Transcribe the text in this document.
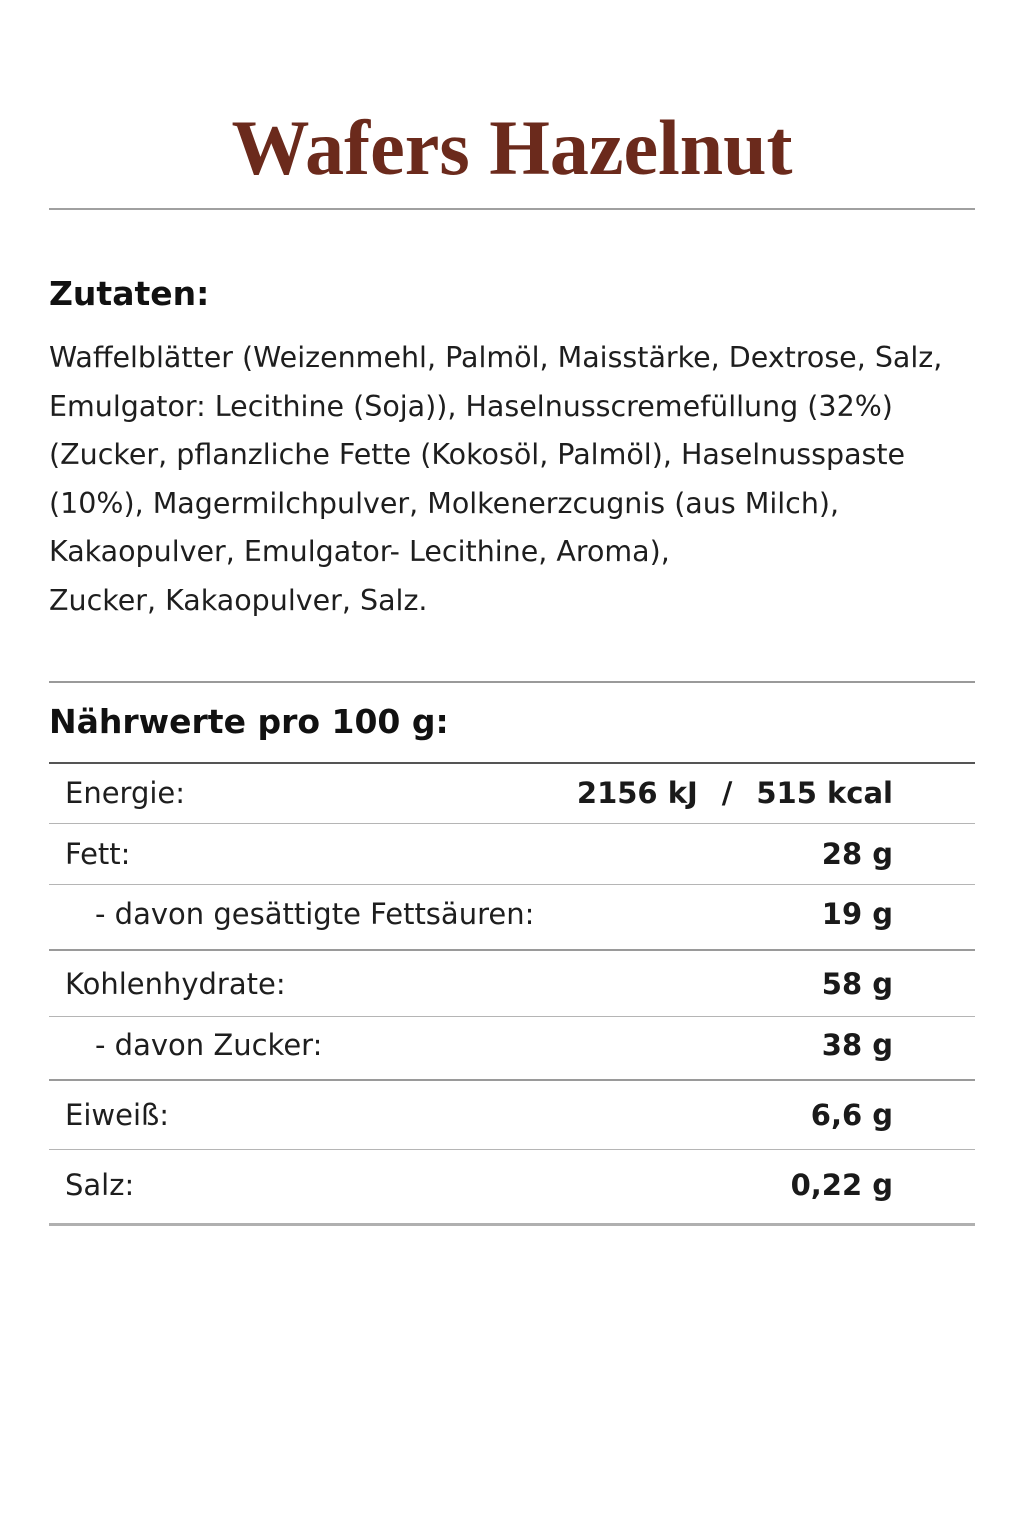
Wafers Hazelnut
Zutaten:
Waffelblätter (Weizenmehl, Palmöl, Maisstärke, Dextrose, Salz,
Emulgator: Lecithine (Soja)), Haselnusscremefüllung (32%)
(Zucker, pflanzliche Fette (Kokosöl, Palmöl), Haselnusspaste
(10%), Magermilchpulver, Molkenerzcugnis (aus Milch),
Kakaopulver, Emulgator- Lecithine, Aroma),
Zucker, Kakaopulver, Salz.
Nährwerte pro 100 g:
Energie:	2156 kJ / 515 kcal
Fett:	28 g
- davon gesättigte Fettsäuren:	19 g
Kohlenhydrate:	58 g
- davon Zucker:	38 g
Eiweiß:	6,6 g
Salz:	0,22 g
